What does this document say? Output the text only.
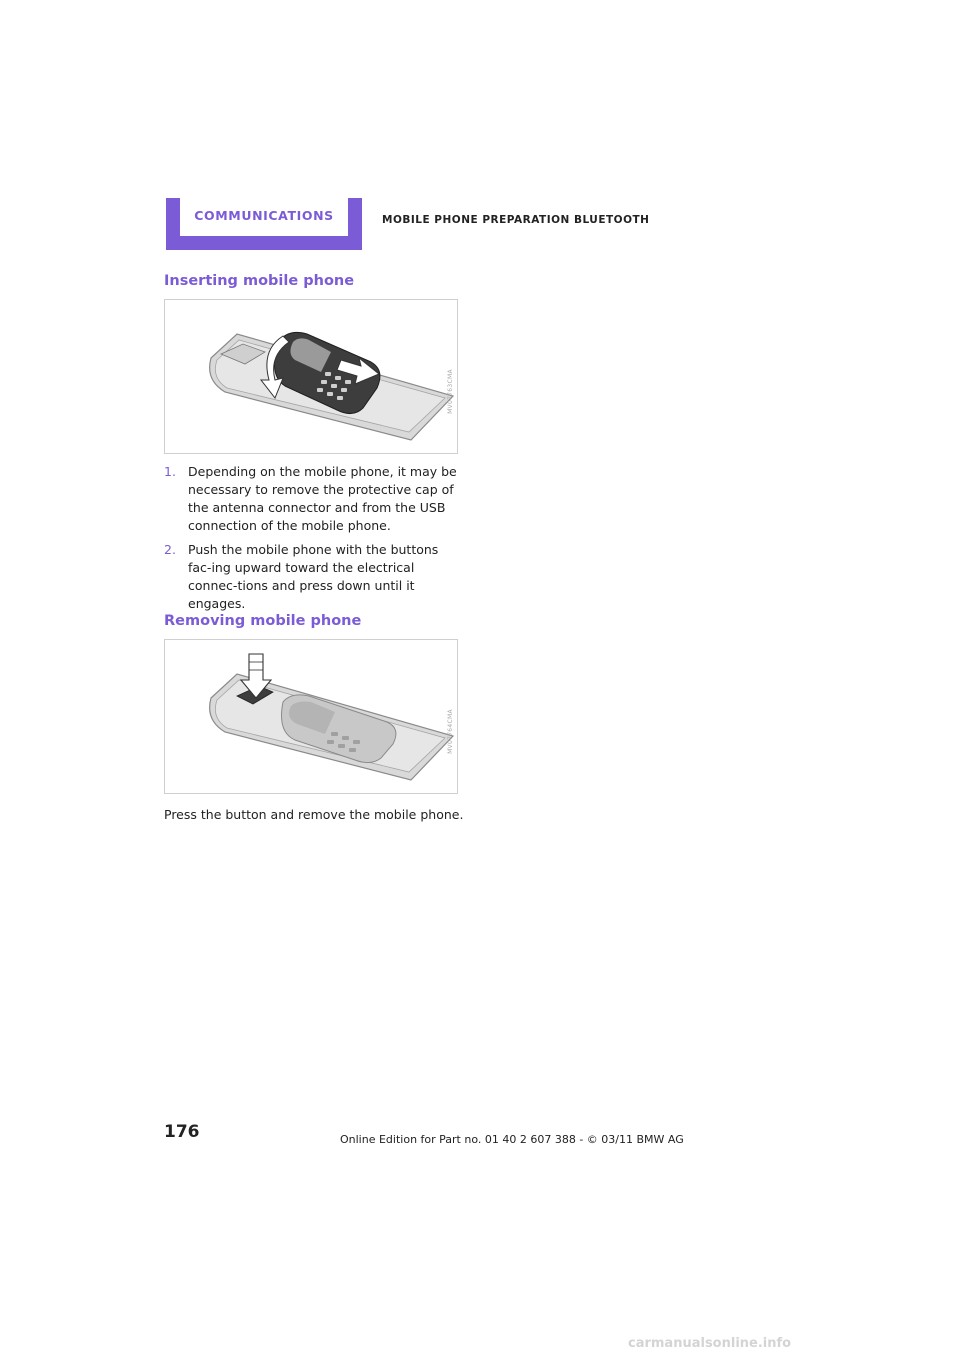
COMMUNICATIONS	MOBILE PHONE PREPARATION BLUETOOTH
Inserting mobile phone
MV07763CMA
1. Depending on the mobile phone, it may be necessary to remove the protective cap of the antenna connector and from the USB connection of the mobile phone.
2. Push the mobile phone with the buttons fac-ing upward toward the electrical connec-tions and press down until it engages.
Removing mobile phone
MV07764CMA

Press the button and remove the mobile phone.

176	Online Edition for Part no. 01 40 2 607 388 - © 03/11 BMW AG
carmanualsonline.info
